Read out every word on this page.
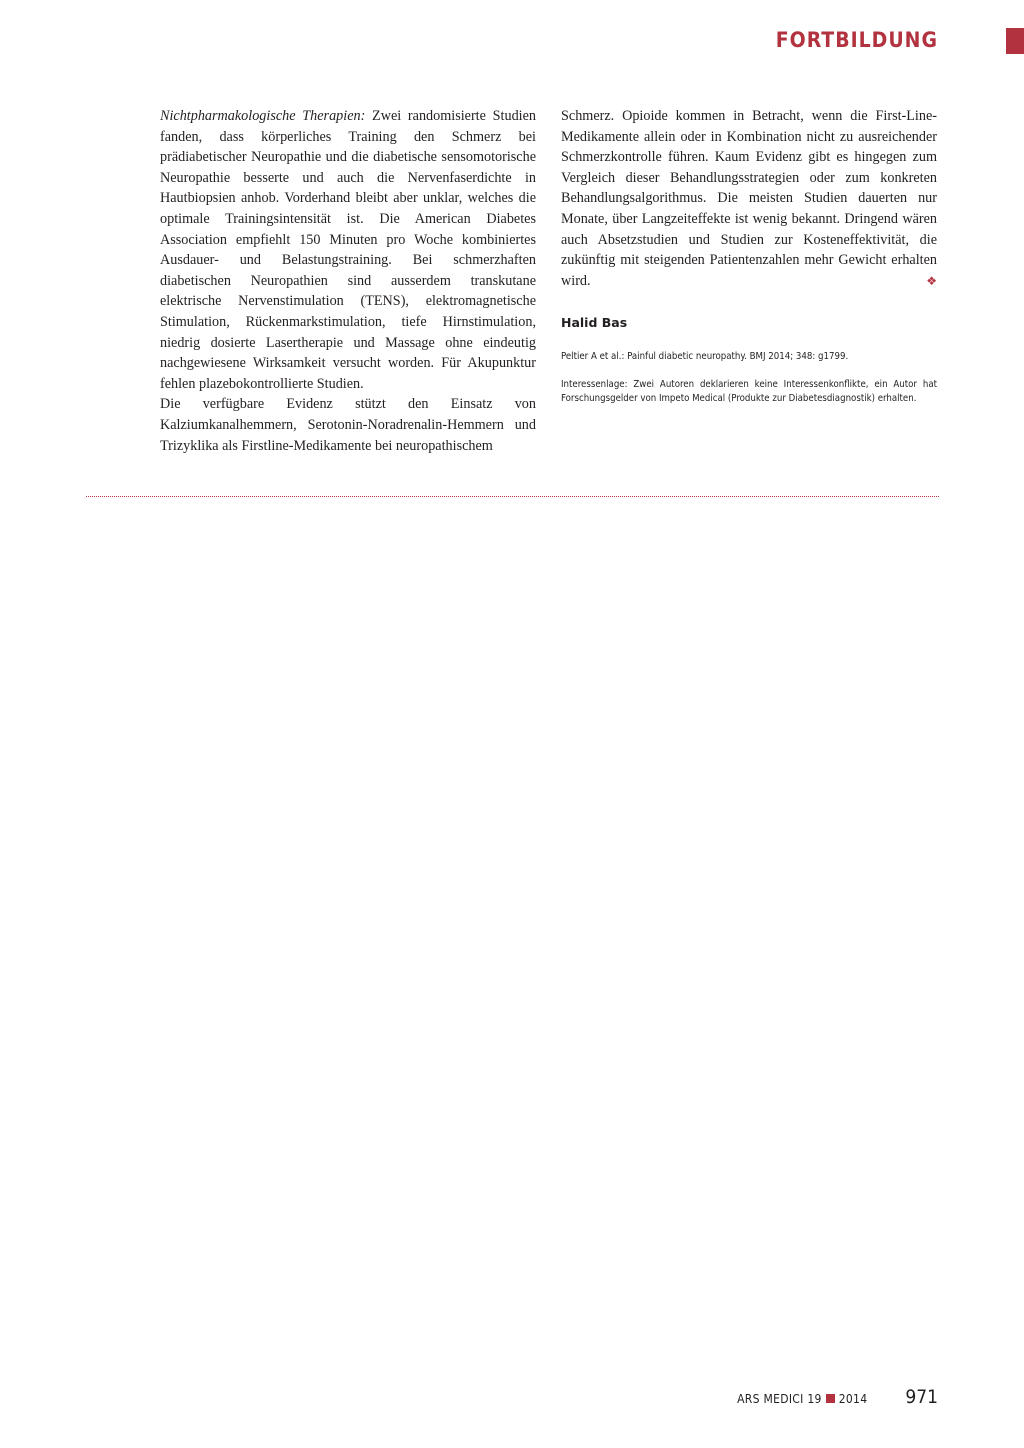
FORTBILDUNG

Nichtpharmakologische Therapien: Zwei randomisierte Studien fanden, dass körperliches Training den Schmerz bei prädiabetischer Neuropathie und die diabetische sensomotorische Neuropathie besserte und auch die Nervenfaserdichte in Hautbiopsien anhob. Vorderhand bleibt aber unklar, welches die optimale Trainingsintensität ist. Die American Diabetes Association empfiehlt 150 Minuten pro Woche kombiniertes Ausdauer- und Belastungstraining. Bei schmerzhaften diabetischen Neuropathien sind ausserdem transkutane elektrische Nervenstimulation (TENS), elektromagnetische Stimulation, Rückenmarkstimulation, tiefe Hirnstimulation, niedrig dosierte Lasertherapie und Massage ohne eindeutig nachgewiesene Wirksamkeit versucht worden. Für Akupunktur fehlen plazebokontrollierte Studien.

Die verfügbare Evidenz stützt den Einsatz von Kalziumkanalhemmern, Serotonin-Noradrenalin-Hemmern und Trizyklika als Firstline-Medikamente bei neuropathischem

Schmerz. Opioide kommen in Betracht, wenn die First-Line-Medikamente allein oder in Kombination nicht zu ausreichender Schmerzkontrolle führen. Kaum Evidenz gibt es hingegen zum Vergleich dieser Behandlungsstrategien oder zum konkreten Behandlungsalgorithmus. Die meisten Studien dauerten nur Monate, über Langzeiteffekte ist wenig bekannt. Dringend wären auch Absetzstudien und Studien zur Kosteneffektivität, die zukünftig mit steigenden Patientenzahlen mehr Gewicht erhalten wird.	❖

Halid Bas

Peltier A et al.: Painful diabetic neuropathy. BMJ 2014; 348: g1799.

Interessenlage: Zwei Autoren deklarieren keine Interessenkonflikte, ein Autor hat Forschungsgelder von Impeto Medical (Produkte zur Diabetesdiagnostik) erhalten.

ARS MEDICI 19 2014 971
